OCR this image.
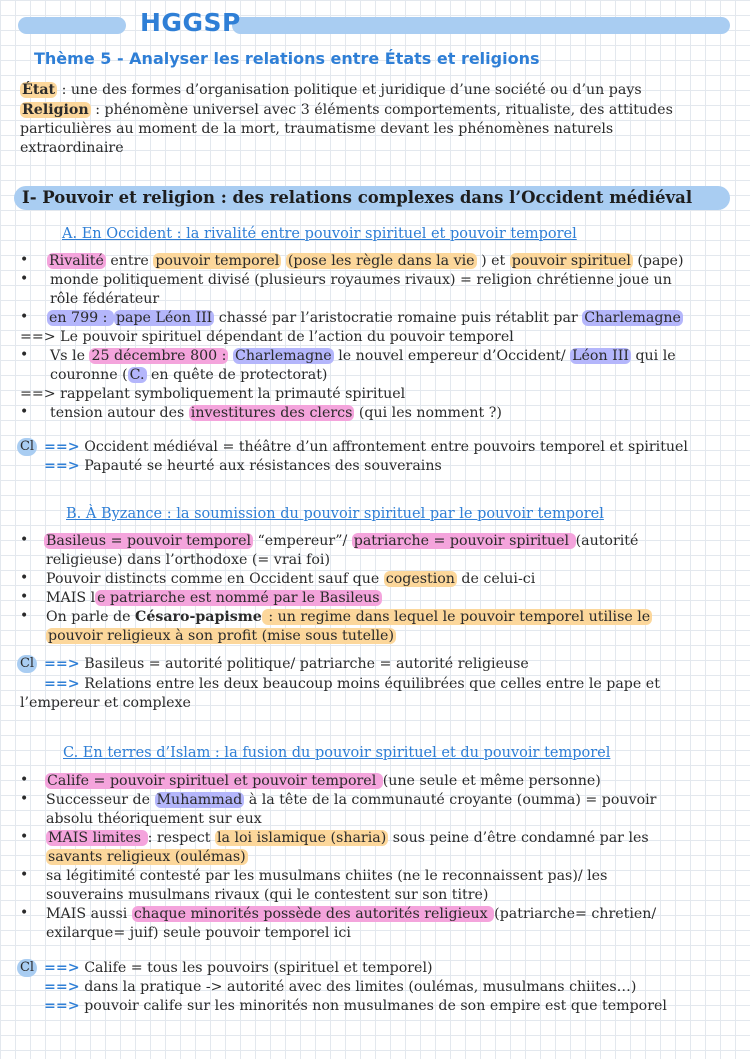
HGGSP
Thème 5 - Analyser les relations entre États et religions
État : une des formes d’organisation politique et juridique d’une société ou d’un pays
Religion : phénomène universel avec 3 éléments comportements, ritualiste, des attitudes
particulières au moment de la mort, traumatisme devant les phénomènes naturels
extraordinaire
I- Pouvoir et religion : des relations complexes dans l’Occident médiéval
A. En Occident : la rivalité entre pouvoir spirituel et pouvoir temporel
• Rivalité entre pouvoir temporel (pose les règle dans la vie ) et pouvoir spirituel (pape)
• monde politiquement divisé (plusieurs royaumes rivaux) = religion chrétienne joue un
rôle fédérateur
• en 799 : pape Léon III chassé par l’aristocratie romaine puis rétablit par Charlemagne
==> Le pouvoir spirituel dépendant de l’action du pouvoir temporel
• Vs le 25 décembre 800 : Charlemagne le nouvel empereur d’Occident/ Léon III qui le
couronne ( C. en quête de protectorat)
==> rappelant symboliquement la primauté spirituel
• tension autour des investitures des clercs (qui les nomment ?)
Cl ==> Occident médiéval = théâtre d’un affrontement entre pouvoirs temporel et spirituel
==> Papauté se heurté aux résistances des souverains
B. À Byzance : la soumission du pouvoir spirituel par le pouvoir temporel
• Basileus = pouvoir temporel “empereur”/ patriarche = pouvoir spirituel (autorité
religieuse) dans l’orthodoxe (= vrai foi)
• Pouvoir distincts comme en Occident sauf que cogestion de celui-ci
• MAIS l e patriarche est nommé par le Basileus
• On parle de Césaro-papisme : un regime dans lequel le pouvoir temporel utilise le
pouvoir religieux à son profit (mise sous tutelle)
Cl ==> Basileus = autorité politique/ patriarche = autorité religieuse
==> Relations entre les deux beaucoup moins équilibrées que celles entre le pape et
l’empereur et complexe
C. En terres d’Islam : la fusion du pouvoir spirituel et du pouvoir temporel
• Calife = pouvoir spirituel et pouvoir temporel (une seule et même personne)
• Successeur de Muhammad à la tête de la communauté croyante (oumma) = pouvoir
absolu théoriquement sur eux
• MAIS limites : respect la loi islamique (sharia) sous peine d’être condamné par les
savants religieux (oulémas)
• sa légitimité contesté par les musulmans chiites (ne le reconnaissent pas)/ les
souverains musulmans rivaux (qui le contestent sur son titre)
• MAIS aussi chaque minorités possède des autorités religieux (patriarche= chretien/
exilarque= juif) seule pouvoir temporel ici
Cl ==> Calife = tous les pouvoirs (spirituel et temporel)
==> dans la pratique -> autorité avec des limites (oulémas, musulmans chiites…)
==> pouvoir calife sur les minorités non musulmanes de son empire est que temporel
